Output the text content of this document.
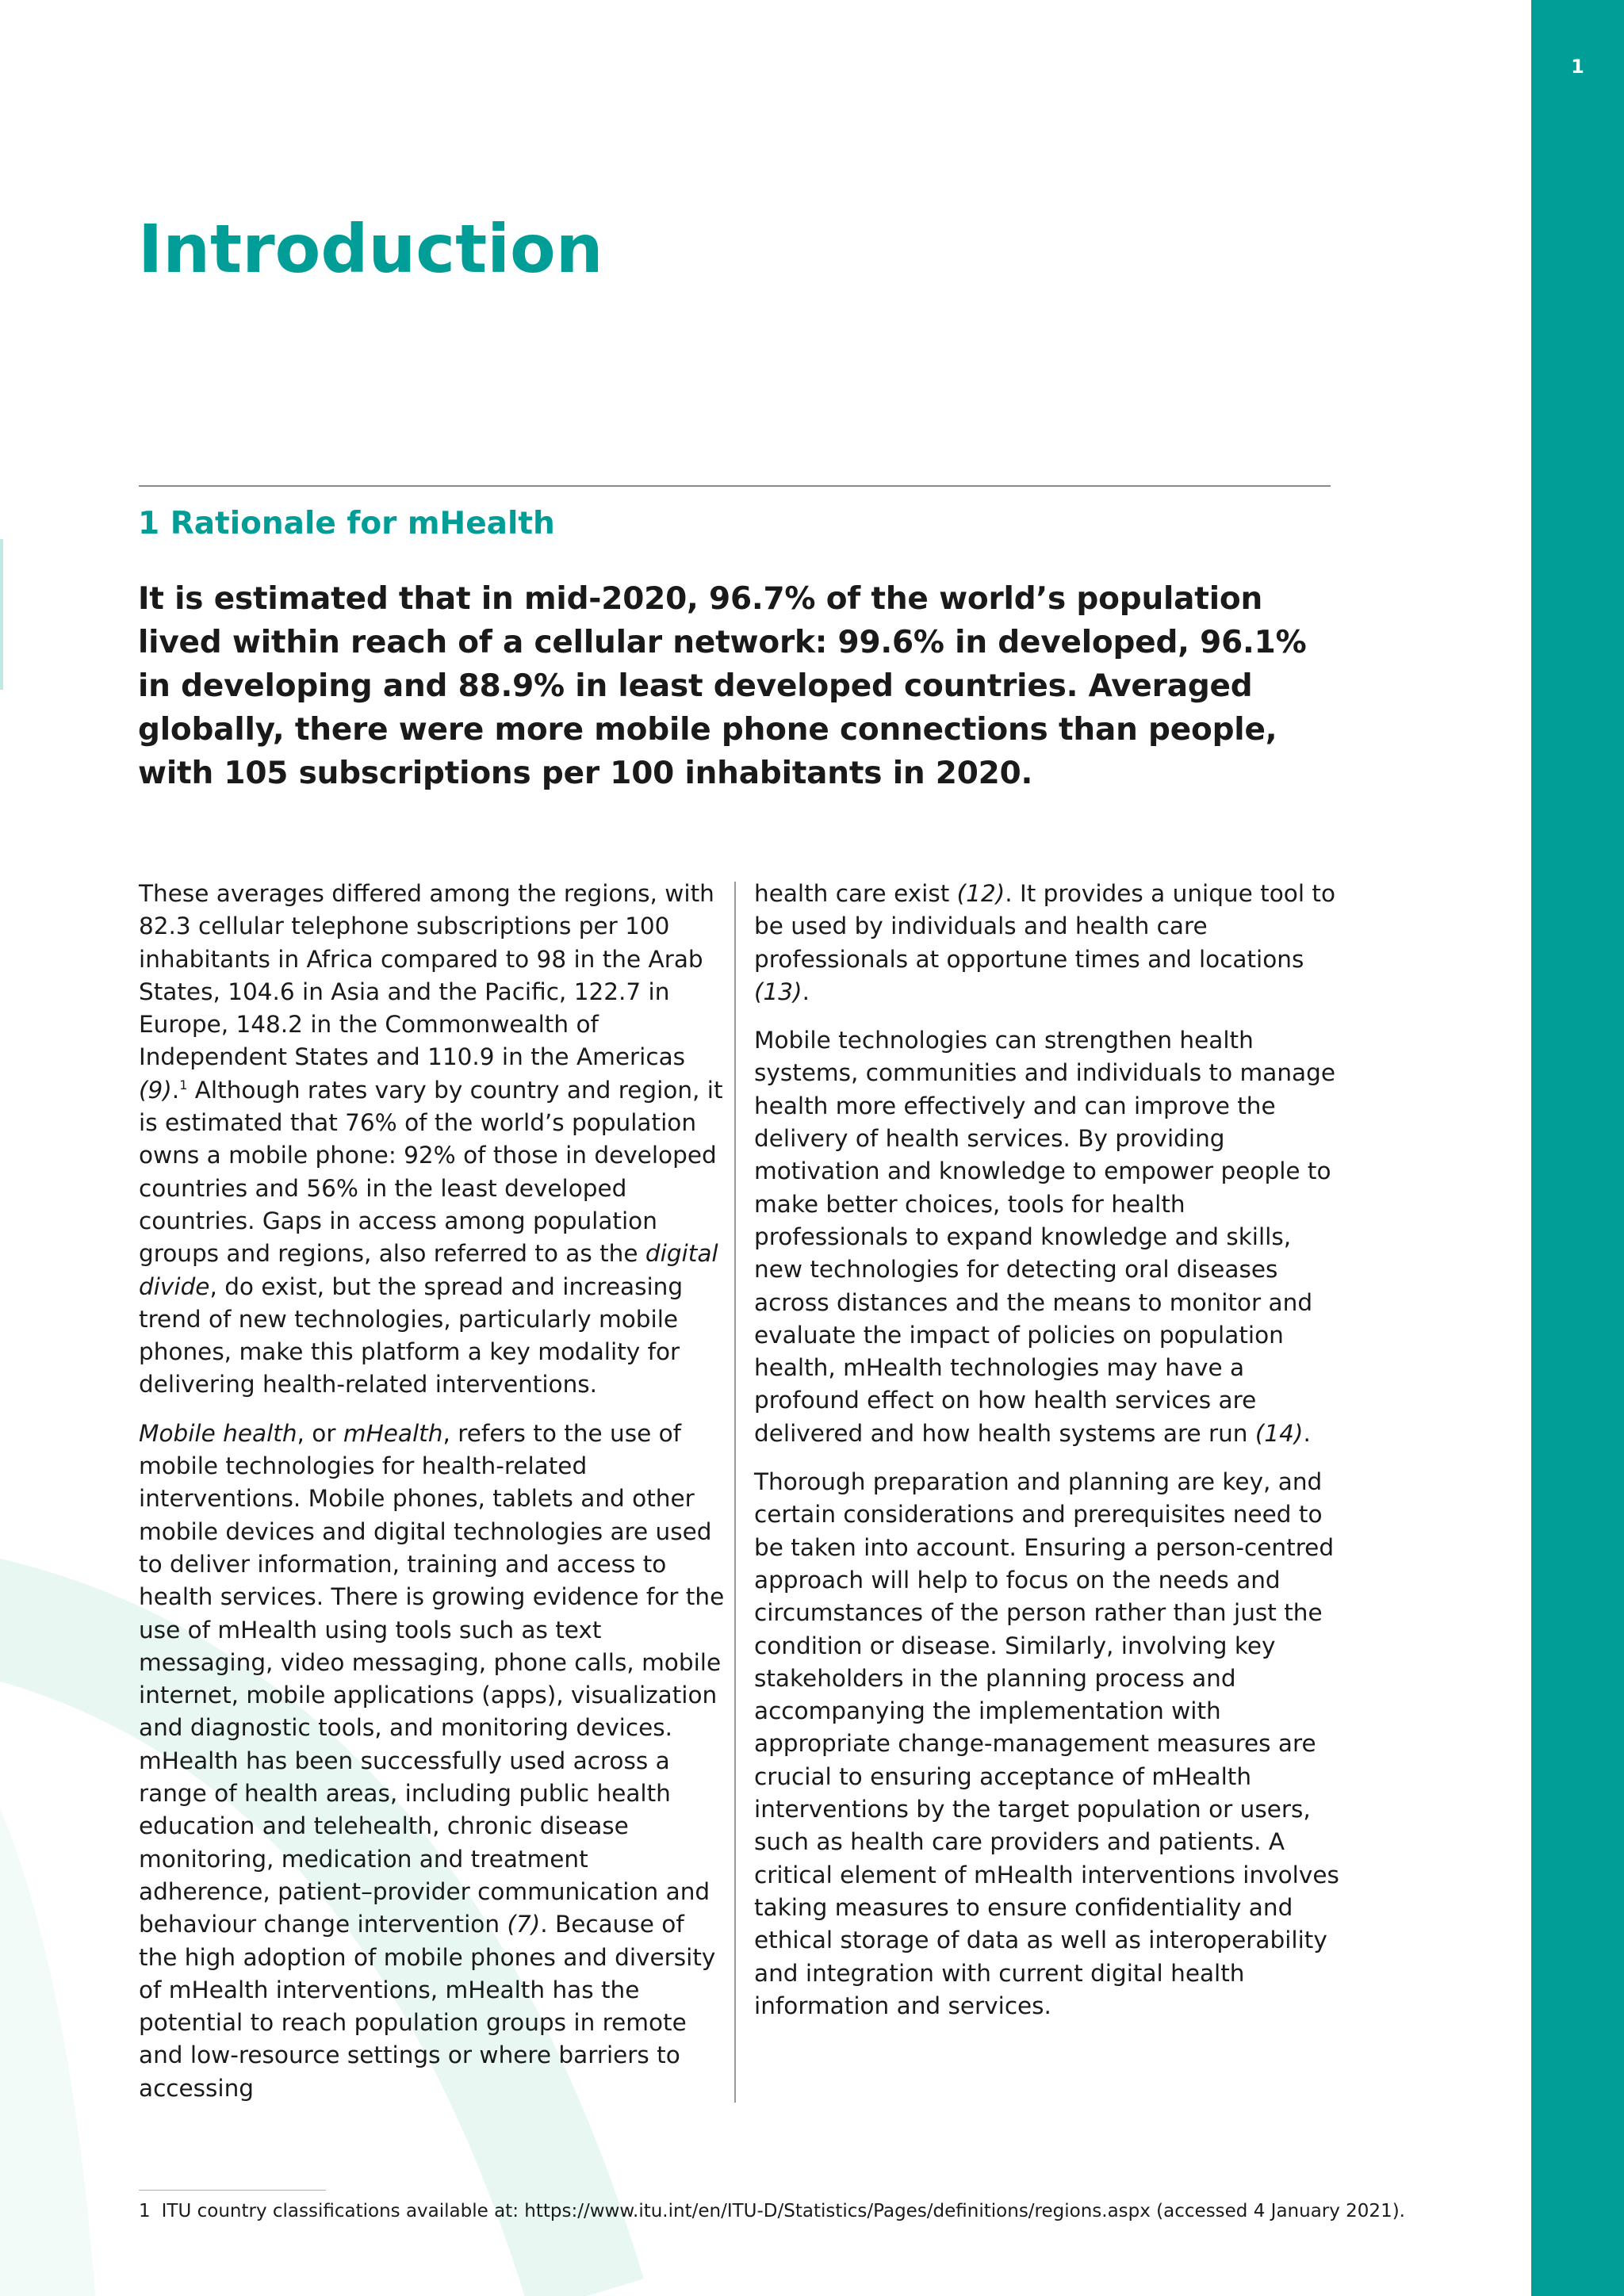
1
Introduction
1 Rationale for mHealth

It is estimated that in mid-2020, 96.7% of the world’s population lived within reach of a cellular network: 99.6% in developed, 96.1% in developing and 88.9% in least developed countries. Averaged globally, there were more mobile phone connections than people, with 105 subscriptions per 100 inhabitants in 2020.

These averages differed among the regions, with 82.3 cellular telephone subscriptions per 100 inhabitants in Africa compared to 98 in the Arab States, 104.6 in Asia and the Pacific, 122.7 in Europe, 148.2 in the Commonwealth of Independent States and 110.9 in the Americas (9).$^1$ Although rates vary by country and region, it is estimated that 76% of the world’s population owns a mobile phone: 92% of those in developed countries and 56% in the least developed countries. Gaps in access among population groups and regions, also referred to as the digital divide, do exist, but the spread and increasing trend of new technologies, particularly mobile phones, make this platform a key modality for delivering health-related interventions.

Mobile health, or mHealth, refers to the use of mobile technologies for health-related interventions. Mobile phones, tablets and other mobile devices and digital technologies are used to deliver information, training and access to health services. There is growing evidence for the use of mHealth using tools such as text messaging, video messaging, phone calls, mobile internet, mobile applications (apps), visualization and diagnostic tools, and monitoring devices. mHealth has been successfully used across a range of health areas, including public health education and telehealth, chronic disease monitoring, medication and treatment adherence, patient–provider communication and behaviour change intervention (7). Because of the high adoption of mobile phones and diversity of mHealth interventions, mHealth has the potential to reach population groups in remote and low-resource settings or where barriers to accessing

health care exist (12). It provides a unique tool to be used by individuals and health care professionals at opportune times and locations (13).

Mobile technologies can strengthen health systems, communities and individuals to manage health more effectively and can improve the delivery of health services. By providing motivation and knowledge to empower people to make better choices, tools for health professionals to expand knowledge and skills, new technologies for detecting oral diseases across distances and the means to monitor and evaluate the impact of policies on population health, mHealth technologies may have a profound effect on how health services are delivered and how health systems are run (14).

Thorough preparation and planning are key, and certain considerations and prerequisites need to be taken into account. Ensuring a person-centred approach will help to focus on the needs and circumstances of the person rather than just the condition or disease. Similarly, involving key stakeholders in the planning process and accompanying the implementation with appropriate change-management measures are crucial to ensuring acceptance of mHealth interventions by the target population or users, such as health care providers and patients. A critical element of mHealth interventions involves taking measures to ensure confidentiality and ethical storage of data as well as interoperability and integration with current digital health information and services.

1 ITU country classifications available at: https://www.itu.int/en/ITU-D/Statistics/Pages/definitions/regions.aspx (accessed 4 January 2021).
